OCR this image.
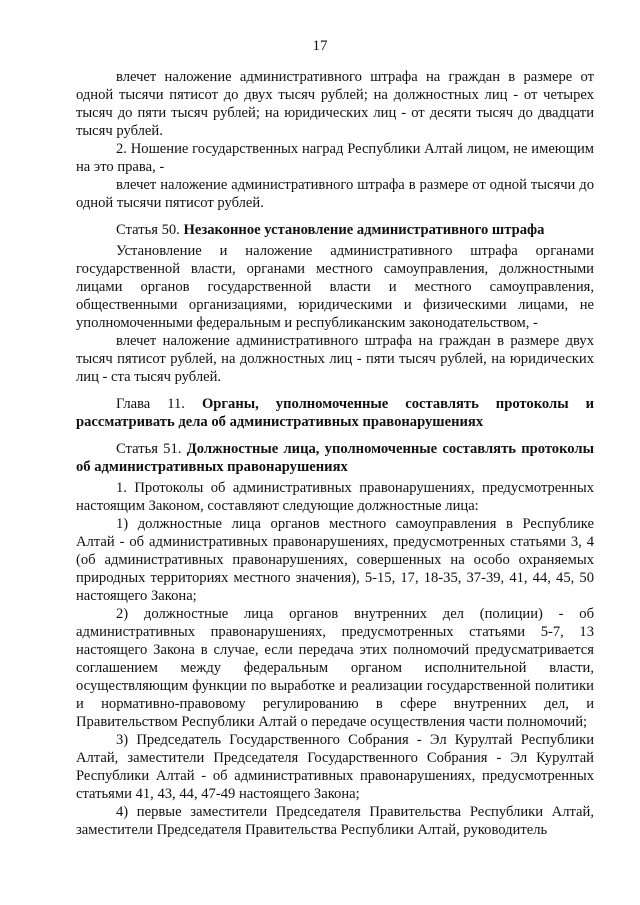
17

влечет наложение административного штрафа на граждан в размере от одной тысячи пятисот до двух тысяч рублей; на должностных лиц - от четырех тысяч до пяти тысяч рублей; на юридических лиц - от десяти тысяч до двадцати тысяч рублей.

2. Ношение государственных наград Республики Алтай лицом, не имеющим на это права, -

влечет наложение административного штрафа в размере от одной тысячи до одной тысячи пятисот рублей.

Статья 50. Незаконное установление административного штрафа

Установление и наложение административного штрафа органами государственной власти, органами местного самоуправления, должностными лицами органов государственной власти и местного самоуправления, общественными организациями, юридическими и физическими лицами, не уполномоченными федеральным и республиканским законодательством, -

влечет наложение административного штрафа на граждан в размере двух тысяч пятисот рублей, на должностных лиц - пяти тысяч рублей, на юридических лиц - ста тысяч рублей.

Глава 11. Органы, уполномоченные составлять протоколы и рассматривать дела об административных правонарушениях

Статья 51. Должностные лица, уполномоченные составлять протоколы об административных правонарушениях

1. Протоколы об административных правонарушениях, предусмотренных настоящим Законом, составляют следующие должностные лица:

1) должностные лица органов местного самоуправления в Республике Алтай - об административных правонарушениях, предусмотренных статьями 3, 4 (об административных правонарушениях, совершенных на особо охраняемых природных территориях местного значения), 5-15, 17, 18-35, 37-39, 41, 44, 45, 50 настоящего Закона;

2) должностные лица органов внутренних дел (полиции) - об административных правонарушениях, предусмотренных статьями 5-7, 13 настоящего Закона в случае, если передача этих полномочий предусматривается соглашением между федеральным органом исполнительной власти, осуществляющим функции по выработке и реализации государственной политики и нормативно-правовому регулированию в сфере внутренних дел, и Правительством Республики Алтай о передаче осуществления части полномочий;

3) Председатель Государственного Собрания - Эл Курултай Республики Алтай, заместители Председателя Государственного Собрания - Эл Курултай Республики Алтай - об административных правонарушениях, предусмотренных статьями 41, 43, 44, 47-49 настоящего Закона;

4) первые заместители Председателя Правительства Республики Алтай, заместители Председателя Правительства Республики Алтай, руководитель
